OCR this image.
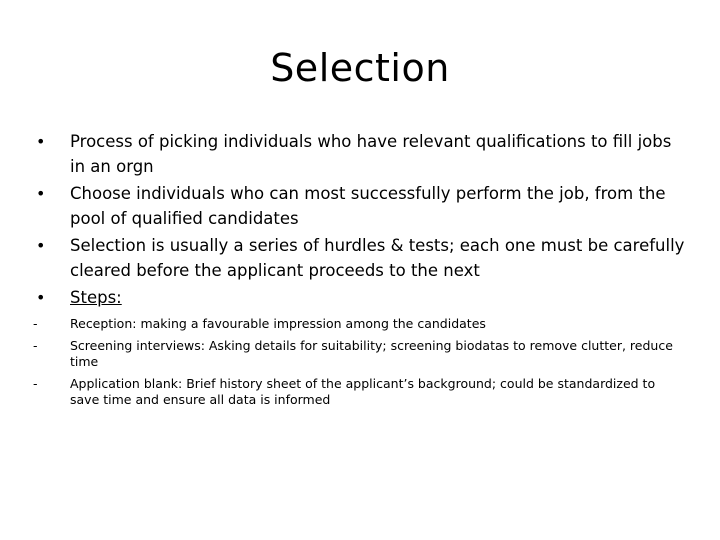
Selection
• Process of picking individuals who have relevant qualifications to fill jobs in an orgn
• Choose individuals who can most successfully perform the job, from the pool of qualified candidates
• Selection is usually a series of hurdles & tests; each one must be carefully cleared before the applicant proceeds to the next
• Steps:
-	Reception: making a favourable impression among the candidates
-	Screening interviews: Asking details for suitability; screening biodatas to remove clutter, reduce time
-	Application blank: Brief history sheet of the applicant’s background; could be standardized to save time and ensure all data is informed
